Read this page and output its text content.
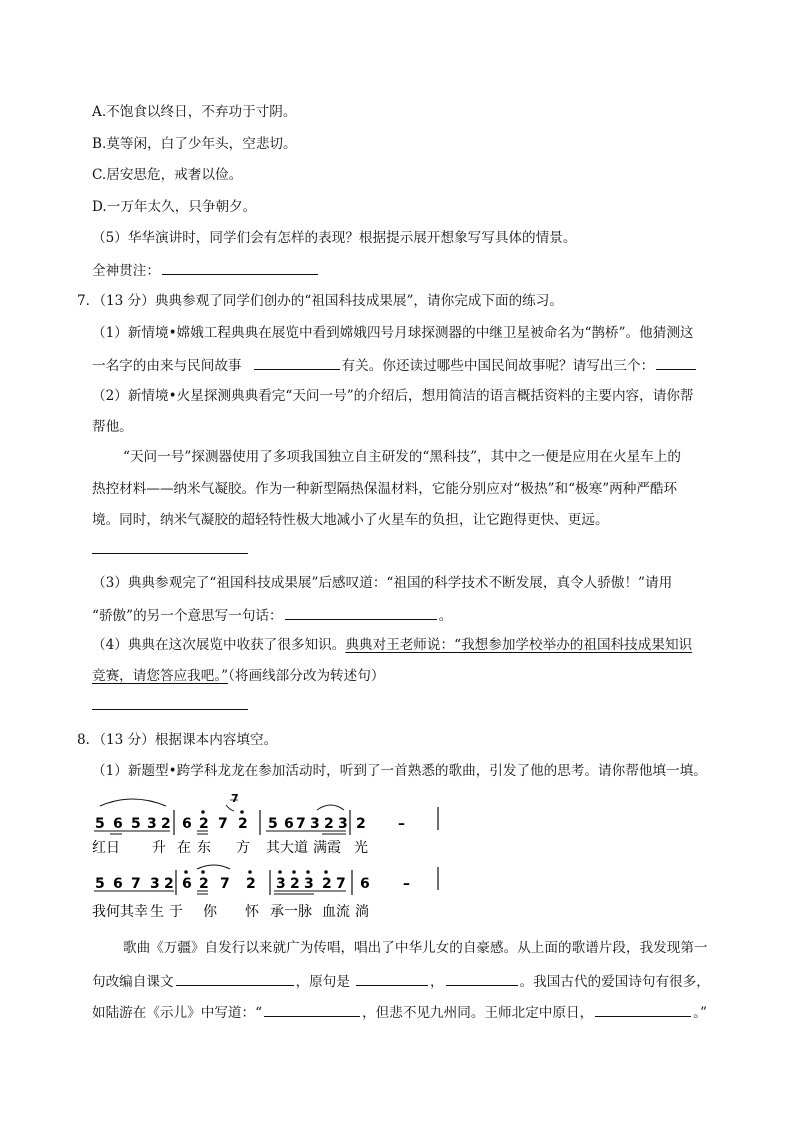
A.不饱食以终日，不弃功于寸阴。
B.莫等闲，白了少年头，空悲切。
C.居安思危，戒奢以俭。
D.一万年太久，只争朝夕。
（5）华华演讲时，同学们会有怎样的表现？根据提示展开想象写写具体的情景。
全神贯注：
7．（13 分）典典参观了同学们创办的“祖国科技成果展”，请你完成下面的练习。
（1）新情境•嫦娥工程典典在展览中看到嫦娥四号月球探测器的中继卫星被命名为“鹊桥”。他猜测这
一名字的由来与民间故事	有关。你还读过哪些中国民间故事呢？请写出三个：
（2）新情境•火星探测典典看完“天问一号”的介绍后，想用简洁的语言概括资料的主要内容，请你帮
帮他。
“天问一号”探测器使用了多项我国独立自主研发的“黑科技”，其中之一便是应用在火星车上的
热控材料——纳米气凝胶。作为一种新型隔热保温材料，它能分别应对“极热”和“极寒”两种严酷环
境。同时，纳米气凝胶的超轻特性极大地减小了火星车的负担，让它跑得更快、更远。
（3）典典参观完了“祖国科技成果展”后感叹道：“祖国的科学技术不断发展，真令人骄傲！”请用
“骄傲”的另一个意思写一句话：	。
（4）典典在这次展览中收获了很多知识。典典对王老师说：“我想参加学校举办的祖国科技成果知识
竞赛，请您答应我吧。”（将画线部分改为转述句）
8．（13 分）根据课本内容填空。
（1）新题型•跨学科龙龙在参加活动时，听到了一首熟悉的歌曲，引发了他的思考。请你帮他填一填。
5 6 5 3 2 6 2 7 2 5 6 7 3 2 3 2 –
7
红日 升 在 东 方 其大道 满霞 光
5 6 7 3 2 6 2 7 2 3 2 3 2 7 6 –
我何其幸 生 于 你 怀 承一脉 血流 淌
歌曲《万疆》自发行以来就广为传唱，唱出了中华儿女的自豪感。从上面的歌谱片段，我发现第一
句改编自课文	，原句是	，	。我国古代的爱国诗句有很多，
如陆游在《示儿》中写道：“	，但悲不见九州同。王师北定中原日，	。”
